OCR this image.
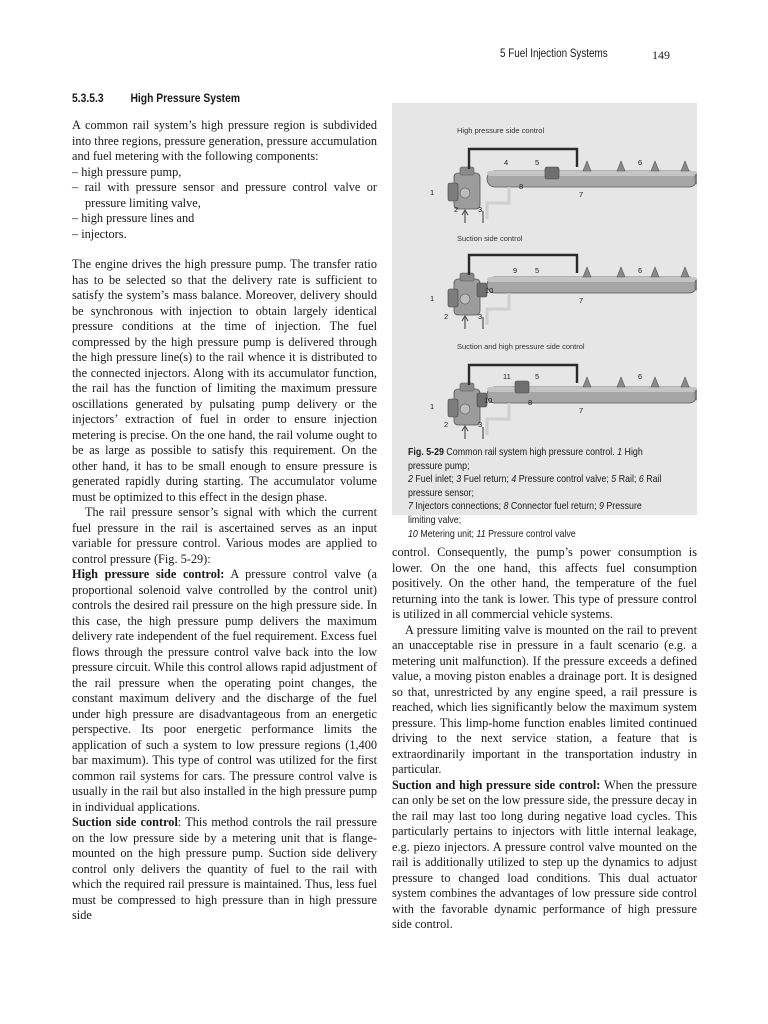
5 Fuel Injection Systems	149
5.3.5.3 High Pressure System

A common rail system’s high pressure region is subdivided into three regions, pressure generation, pressure accumulation and fuel metering with the following components:

– high pressure pump,
– rail with pressure sensor and pressure control valve or pressure limiting valve,
– high pressure lines and
– injectors.

The engine drives the high pressure pump. The transfer ratio has to be selected so that the delivery rate is sufficient to satisfy the system’s mass balance. Moreover, delivery should be synchronous with injection to obtain largely identical pressure conditions at the time of injection. The fuel compressed by the high pressure pump is delivered through the high pressure line(s) to the rail whence it is distributed to the connected injectors. Along with its accumulator function, the rail has the function of limiting the maximum pressure oscillations generated by pulsating pump delivery or the injectors’ extraction of fuel in order to ensure injection metering is precise. On the one hand, the rail volume ought to be as large as possible to satisfy this requirement. On the other hand, it has to be small enough to ensure pressure is generated rapidly during starting. The accumulator volume must be optimized to this effect in the design phase.

The rail pressure sensor’s signal with which the current fuel pressure in the rail is ascertained serves as an input variable for pressure control. Various modes are applied to control pressure (Fig. 5-29):

High pressure side control: A pressure control valve (a proportional solenoid valve controlled by the control unit) controls the desired rail pressure on the high pressure side. In this case, the high pressure pump delivers the maximum delivery rate independent of the fuel requirement. Excess fuel flows through the pressure control valve back into the low pressure circuit. While this control allows rapid adjustment of the rail pressure when the operating point changes, the constant maximum delivery and the discharge of the fuel under high pressure are disadvantageous from an energetic perspective. Its poor energetic performance limits the application of such a system to low pressure regions (1,400 bar maximum). This type of control was utilized for the first common rail systems for cars. The pressure control valve is usually in the rail but also installed in the high pressure pump in individual applications.

Suction side control: This method controls the rail pressure on the low pressure side by a metering unit that is flange-mounted on the high pressure pump. Suction side delivery control only delivers the quantity of fuel to the rail with which the required rail pressure is maintained. Thus, less fuel must be compressed to high pressure than in high pressure side

High pressure side control
4	5	6
8
7
1
2	3
Suction side control
9 5	6
10
7
1
2	3
Suction and high pressure side control
11	5	6
8
10
7
1
2	3
Fig. 5-29 Common rail system high pressure control. 1 High pressure pump;
2 Fuel inlet; 3 Fuel return; 4 Pressure control valve; 5 Rail; 6 Rail pressure sensor;
7 Injectors connections; 8 Connector fuel return; 9 Pressure limiting valve;
10 Metering unit; 11 Pressure control valve

control. Consequently, the pump’s power consumption is lower. On the one hand, this affects fuel consumption positively. On the other hand, the temperature of the fuel returning into the tank is lower. This type of pressure control is utilized in all commercial vehicle systems.

A pressure limiting valve is mounted on the rail to prevent an unacceptable rise in pressure in a fault scenario (e.g. a metering unit malfunction). If the pressure exceeds a defined value, a moving piston enables a drainage port. It is designed so that, unrestricted by any engine speed, a rail pressure is reached, which lies significantly below the maximum system pressure. This limp-home function enables limited continued driving to the next service station, a feature that is extraordinarily important in the transportation industry in particular.

Suction and high pressure side control: When the pressure can only be set on the low pressure side, the pressure decay in the rail may last too long during negative load cycles. This particularly pertains to injectors with little internal leakage, e.g. piezo injectors. A pressure control valve mounted on the rail is additionally utilized to step up the dynamics to adjust pressure to changed load conditions. This dual actuator system combines the advantages of low pressure side control with the favorable dynamic performance of high pressure side control.
